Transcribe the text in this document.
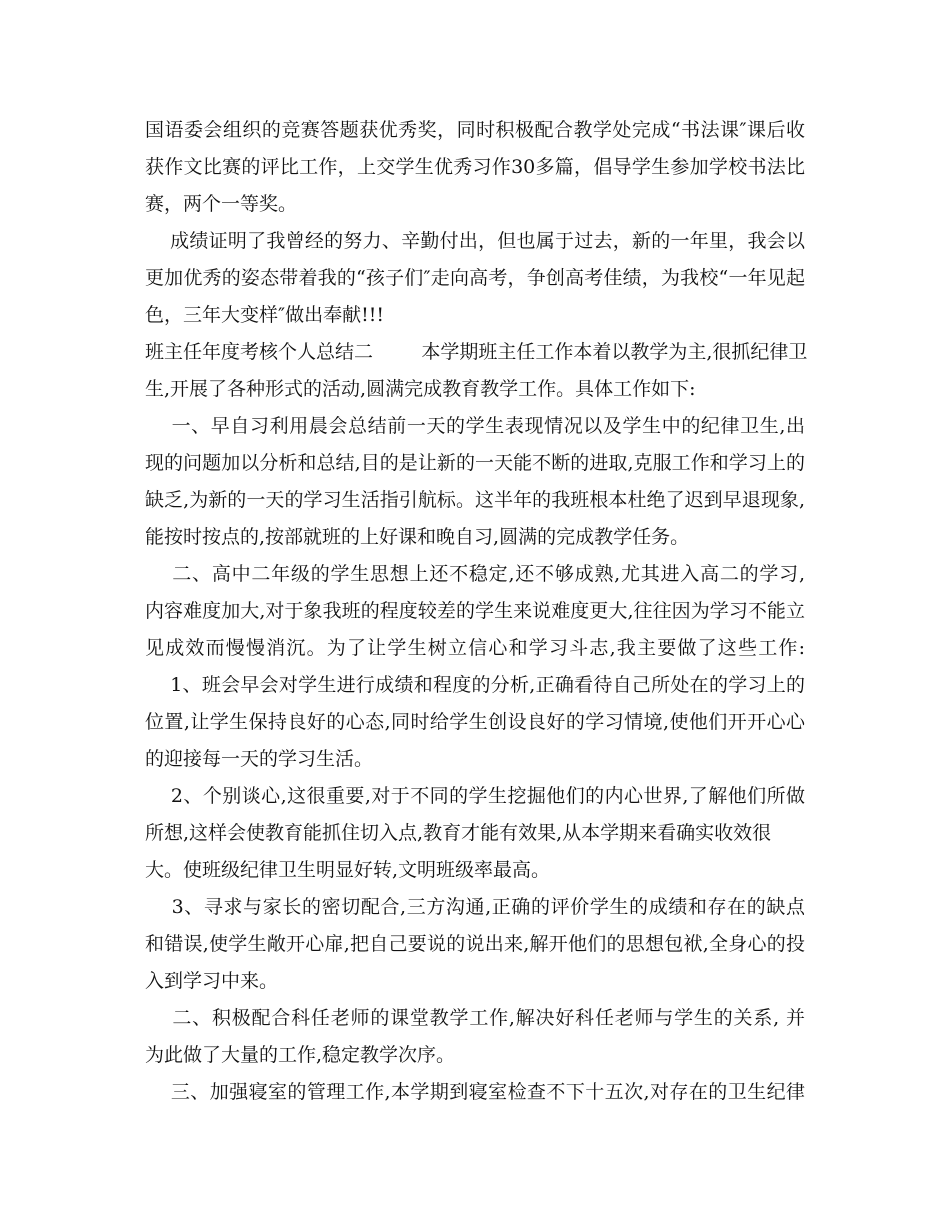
国语委会组织的竞赛答题获优秀奖，同时积极配合教学处完成“书法课″课后收
获作文比赛的评比工作，上交学生优秀习作30多篇，倡导学生参加学校书法比
赛，两个一等奖。
成绩证明了我曾经的努力、辛勤付出，但也属于过去，新的一年里，我会以
更加优秀的姿态带着我的“孩子们″走向高考，争创高考佳绩，为我校“一年见起
色，三年大变样″做出奉献!!!
班主任年度考核个人总结二        本学期班主任工作本着以教学为主,很抓纪律卫
生,开展了各种形式的活动,圆满完成教育教学工作。具体工作如下:
一、早自习利用晨会总结前一天的学生表现情况以及学生中的纪律卫生,出
现的问题加以分析和总结,目的是让新的一天能不断的进取,克服工作和学习上的
缺乏,为新的一天的学习生活指引航标。这半年的我班根本杜绝了迟到早退现象,
能按时按点的,按部就班的上好课和晚自习,圆满的完成教学任务。
二、高中二年级的学生思想上还不稳定,还不够成熟,尤其进入高二的学习,
内容难度加大,对于象我班的程度较差的学生来说难度更大,往往因为学习不能立
见成效而慢慢消沉。为了让学生树立信心和学习斗志,我主要做了这些工作:
1、班会早会对学生进行成绩和程度的分析,正确看待自己所处在的学习上的
位置,让学生保持良好的心态,同时给学生创设良好的学习情境,使他们开开心心
的迎接每一天的学习生活。
2、个别谈心,这很重要,对于不同的学生挖掘他们的内心世界,了解他们所做
所想,这样会使教育能抓住切入点,教育才能有效果,从本学期来看确实收效很
大。使班级纪律卫生明显好转,文明班级率最高。
3、寻求与家长的密切配合,三方沟通,正确的评价学生的成绩和存在的缺点
和错误,使学生敞开心扉,把自己要说的说出来,解开他们的思想包袱,全身心的投
入到学习中来。
二、积极配合科任老师的课堂教学工作,解决好科任老师与学生的关系, 并
为此做了大量的工作,稳定教学次序。
三、加强寝室的管理工作,本学期到寝室检查不下十五次,对存在的卫生纪律
